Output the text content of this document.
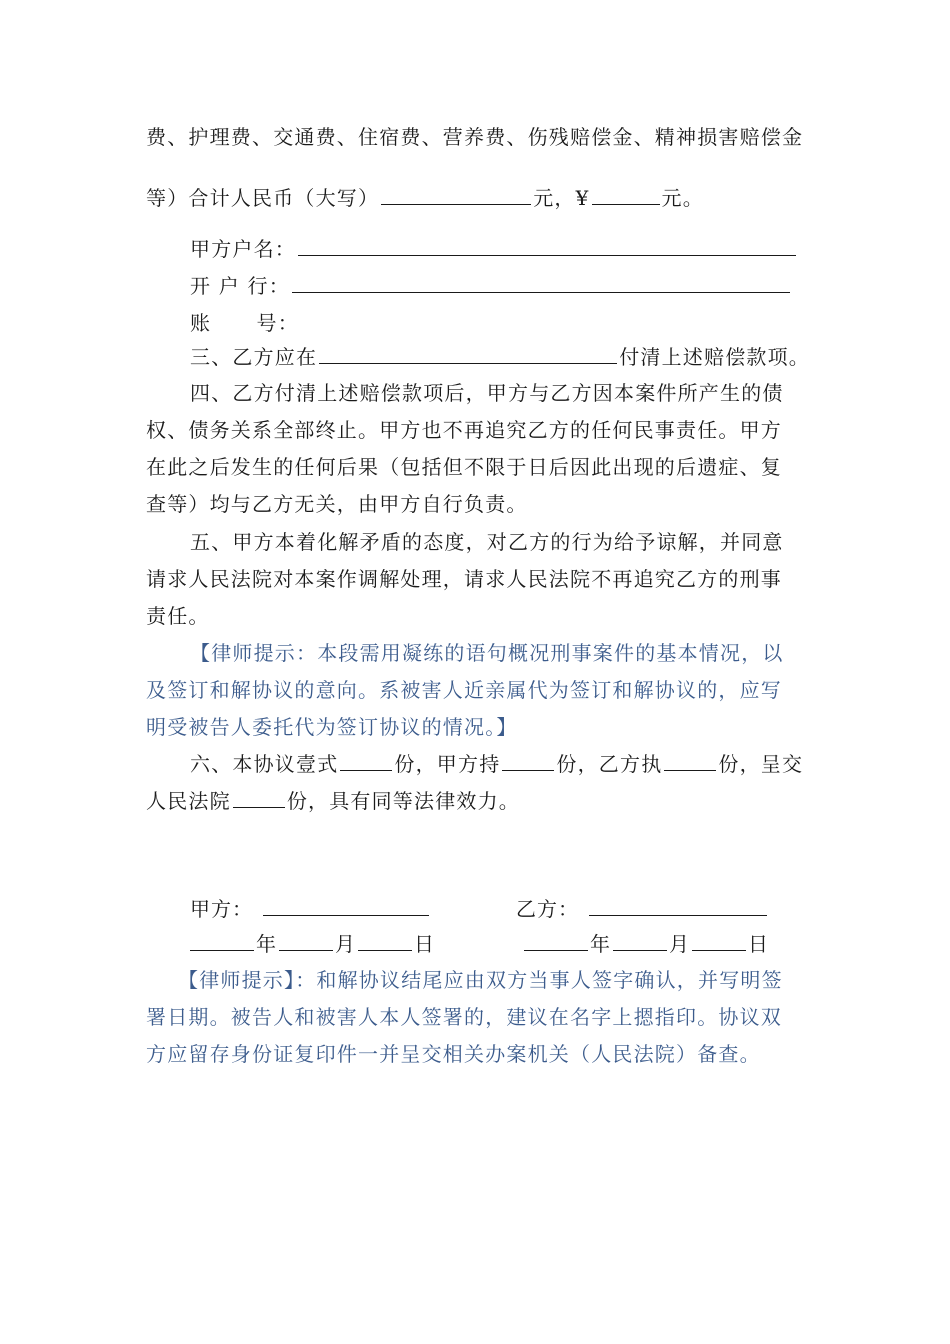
费、护理费、交通费、住宿费、营养费、伤残赔偿金、精神损害赔偿金
等）合计人民币（大写）	元，¥	元。
甲方户名：
开 户 行：
账      号：
三、乙方应在	付清上述赔偿款项。
四、乙方付清上述赔偿款项后，甲方与乙方因本案件所产生的债
权、债务关系全部终止。甲方也不再追究乙方的任何民事责任。甲方
在此之后发生的任何后果（包括但不限于日后因此出现的后遗症、复
查等）均与乙方无关，由甲方自行负责。
五、甲方本着化解矛盾的态度，对乙方的行为给予谅解，并同意
请求人民法院对本案作调解处理，请求人民法院不再追究乙方的刑事
责任。
【律师提示：本段需用凝练的语句概况刑事案件的基本情况，以
及签订和解协议的意向。系被害人近亲属代为签订和解协议的，应写
明受被告人委托代为签订协议的情况。】
六、本协议壹式	份，甲方持	份，乙方执	份，呈交
人民法院	份，具有同等法律效力。
甲方：	乙方：
年	月	日	年	月	日
【律师提示】：和解协议结尾应由双方当事人签字确认，并写明签
署日期。被告人和被害人本人签署的，建议在名字上摁指印。协议双
方应留存身份证复印件一并呈交相关办案机关（人民法院）备查。
